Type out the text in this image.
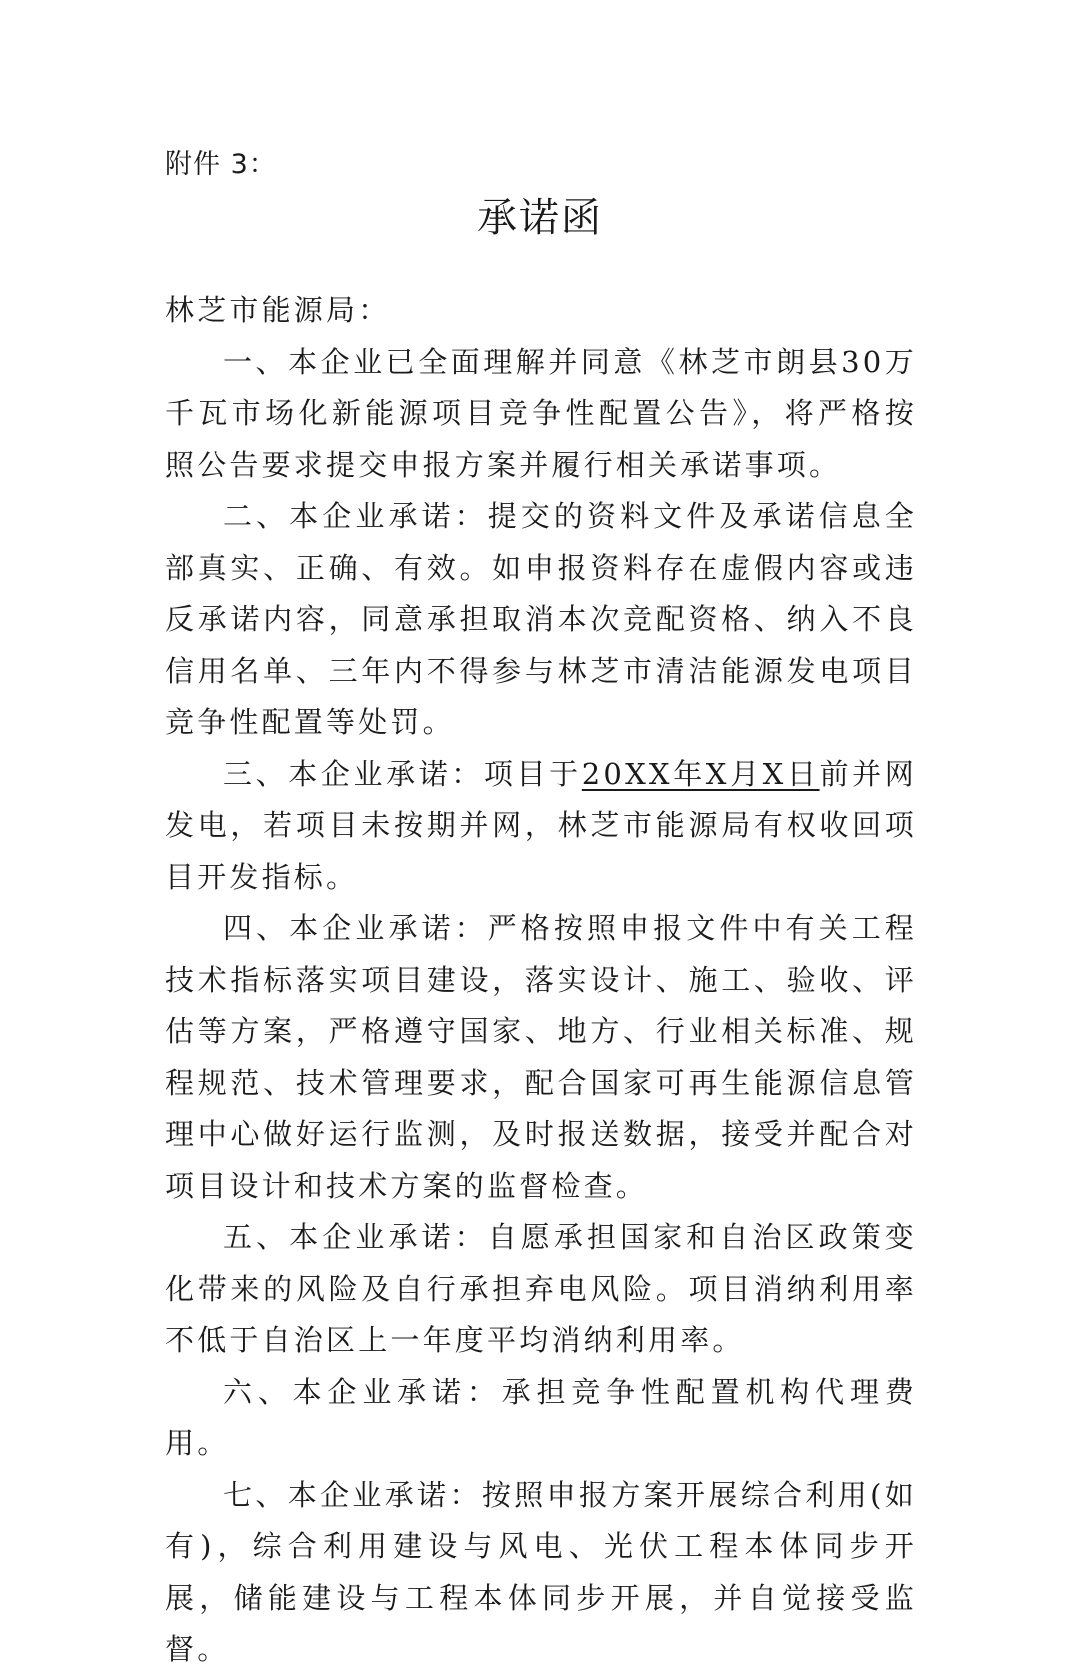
附件 3：
承诺函

林芝市能源局：

一、本企业已全面理解并同意《林芝市朗县30万千瓦市场化新能源项目竞争性配置公告》，将严格按照公告要求提交申报方案并履行相关承诺事项。

二、本企业承诺：提交的资料文件及承诺信息全部真实、正确、有效。如申报资料存在虚假内容或违反承诺内容，同意承担取消本次竞配资格、纳入不良信用名单、三年内不得参与林芝市清洁能源发电项目竞争性配置等处罚。

三、本企业承诺：项目于20XX年X月X日前并网发电，若项目未按期并网，林芝市能源局有权收回项目开发指标。

四、本企业承诺：严格按照申报文件中有关工程技术指标落实项目建设，落实设计、施工、验收、评估等方案，严格遵守国家、地方、行业相关标准、规程规范、技术管理要求，配合国家可再生能源信息管理中心做好运行监测，及时报送数据，接受并配合对项目设计和技术方案的监督检查。

五、本企业承诺：自愿承担国家和自治区政策变化带来的风险及自行承担弃电风险。项目消纳利用率不低于自治区上一年度平均消纳利用率。

六、本企业承诺：承担竞争性配置机构代理费用。

七、本企业承诺：按照申报方案开展综合利用(如有)，综合利用建设与风电、光伏工程本体同步开展，储能建设与工程本体同步开展，并自觉接受监督。
